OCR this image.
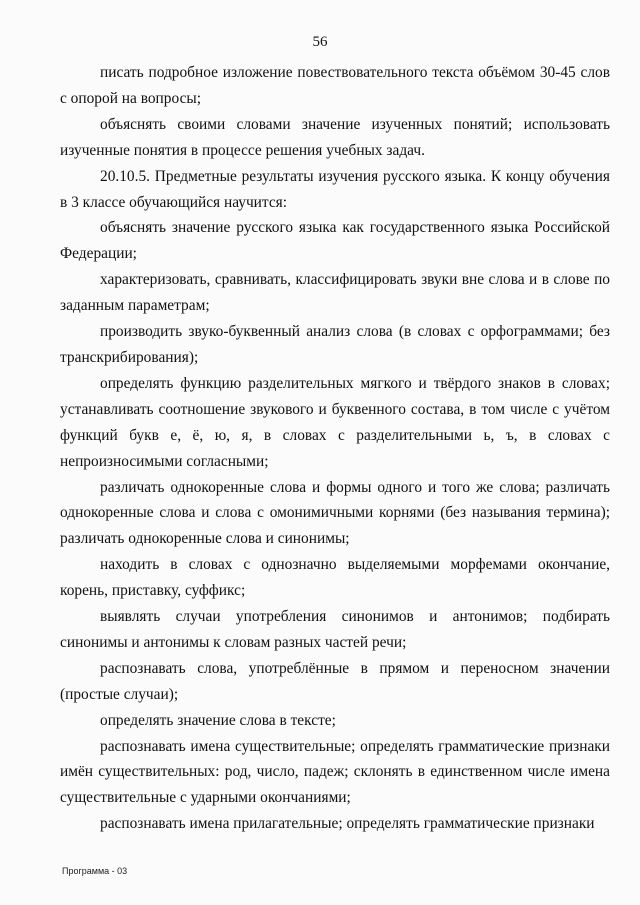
56

писать подробное изложение повествовательного текста объёмом 30-45 слов с опорой на вопросы;

объяснять своими словами значение изученных понятий; использовать изученные понятия в процессе решения учебных задач.

20.10.5. Предметные результаты изучения русского языка. К концу обучения в 3 классе обучающийся научится:

объяснять значение русского языка как государственного языка Российской Федерации;

характеризовать, сравнивать, классифицировать звуки вне слова и в слове по заданным параметрам;

производить звуко-буквенный анализ слова (в словах с орфограммами; без транскрибирования);

определять функцию разделительных мягкого и твёрдого знаков в словах; устанавливать соотношение звукового и буквенного состава, в том числе с учётом функций букв е, ё, ю, я, в словах с разделительными ь, ъ, в словах с непроизносимыми согласными;

различать однокоренные слова и формы одного и того же слова; различать однокоренные слова и слова с омонимичными корнями (без называния термина); различать однокоренные слова и синонимы;

находить в словах с однозначно выделяемыми морфемами окончание, корень, приставку, суффикс;

выявлять случаи употребления синонимов и антонимов; подбирать синонимы и антонимы к словам разных частей речи;

распознавать слова, употреблённые в прямом и переносном значении (простые случаи);

определять значение слова в тексте;

распознавать имена существительные; определять грамматические признаки имён существительных: род, число, падеж; склонять в единственном числе имена существительные с ударными окончаниями;

распознавать имена прилагательные; определять грамматические признаки

Программа - 03
